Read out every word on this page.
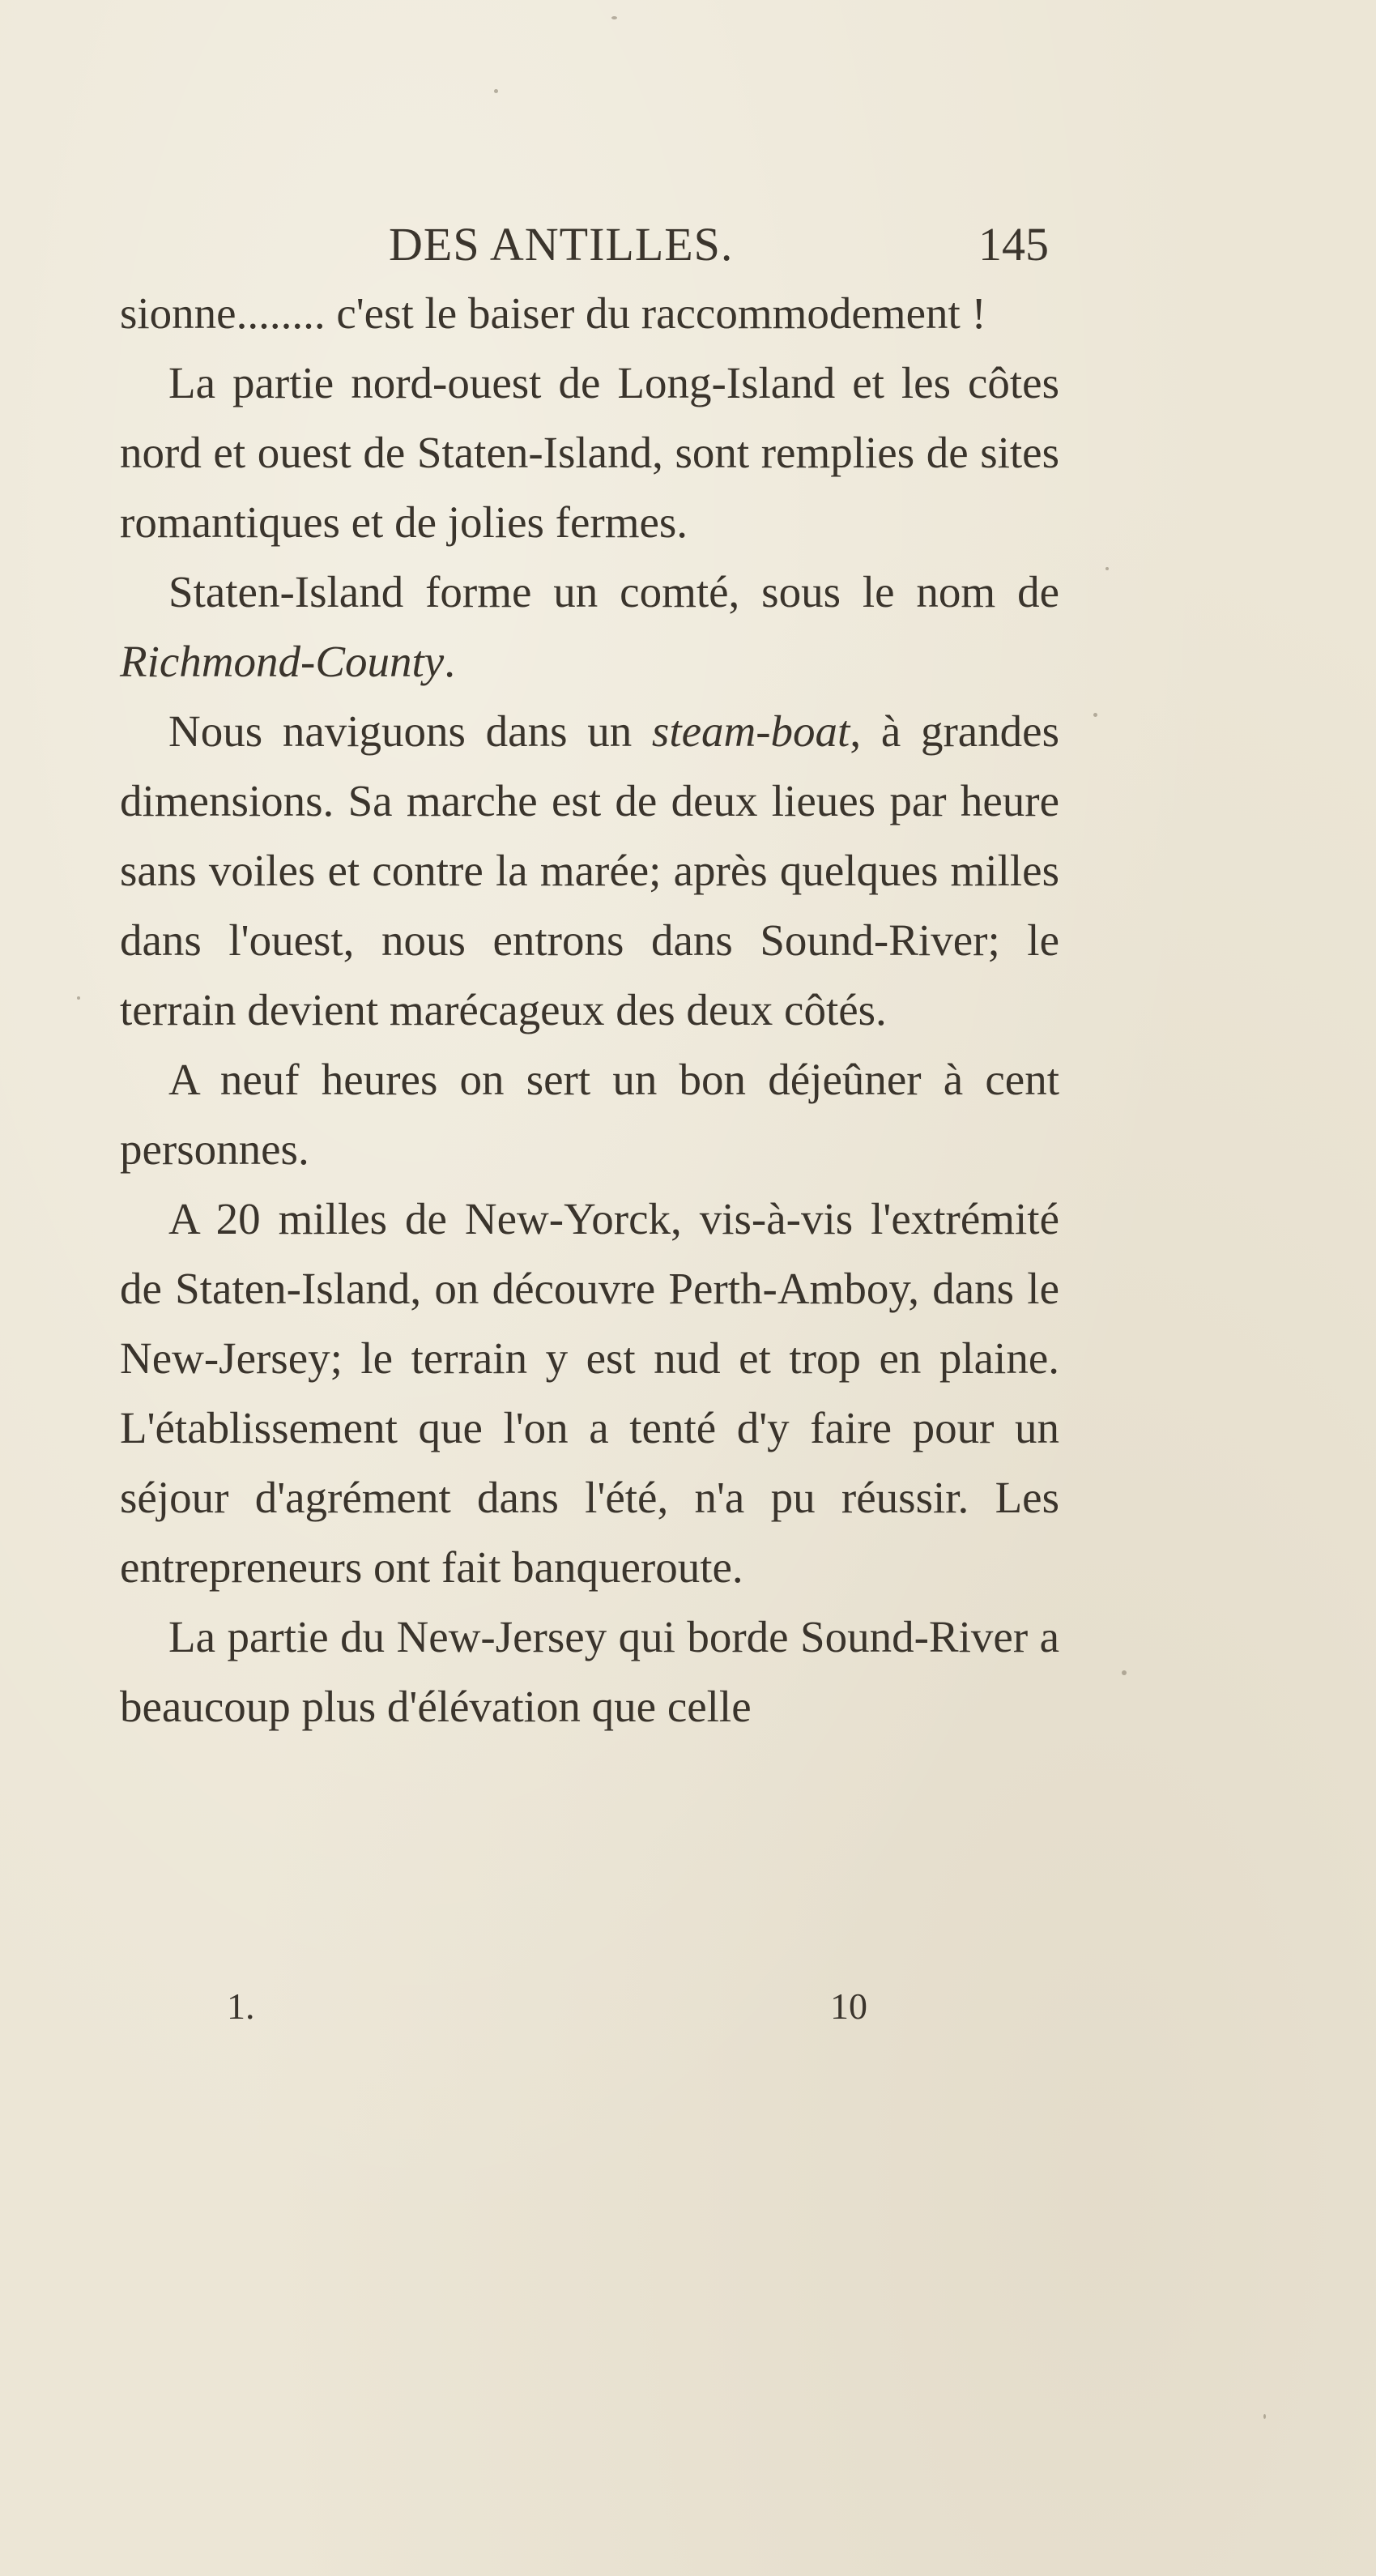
DES ANTILLES.	145

sionne........ c'est le baiser du raccommodement !

La partie nord-ouest de Long-Island et les côtes nord et ouest de Staten-Island, sont remplies de sites romantiques et de jolies fermes.

Staten-Island forme un comté, sous le nom de Richmond-County.

Nous naviguons dans un steam-boat, à grandes dimensions. Sa marche est de deux lieues par heure sans voiles et contre la marée; après quelques milles dans l'ouest, nous entrons dans Sound-River; le terrain devient marécageux des deux côtés.

A neuf heures on sert un bon déjeûner à cent personnes.

A 20 milles de New-Yorck, vis-à-vis l'extrémité de Staten-Island, on découvre Perth-Amboy, dans le New-Jersey; le terrain y est nud et trop en plaine. L'établissement que l'on a tenté d'y faire pour un séjour d'agrément dans l'été, n'a pu réussir. Les entrepreneurs ont fait banqueroute.

La partie du New-Jersey qui borde Sound-River a beaucoup plus d'élévation que celle

1.	10
